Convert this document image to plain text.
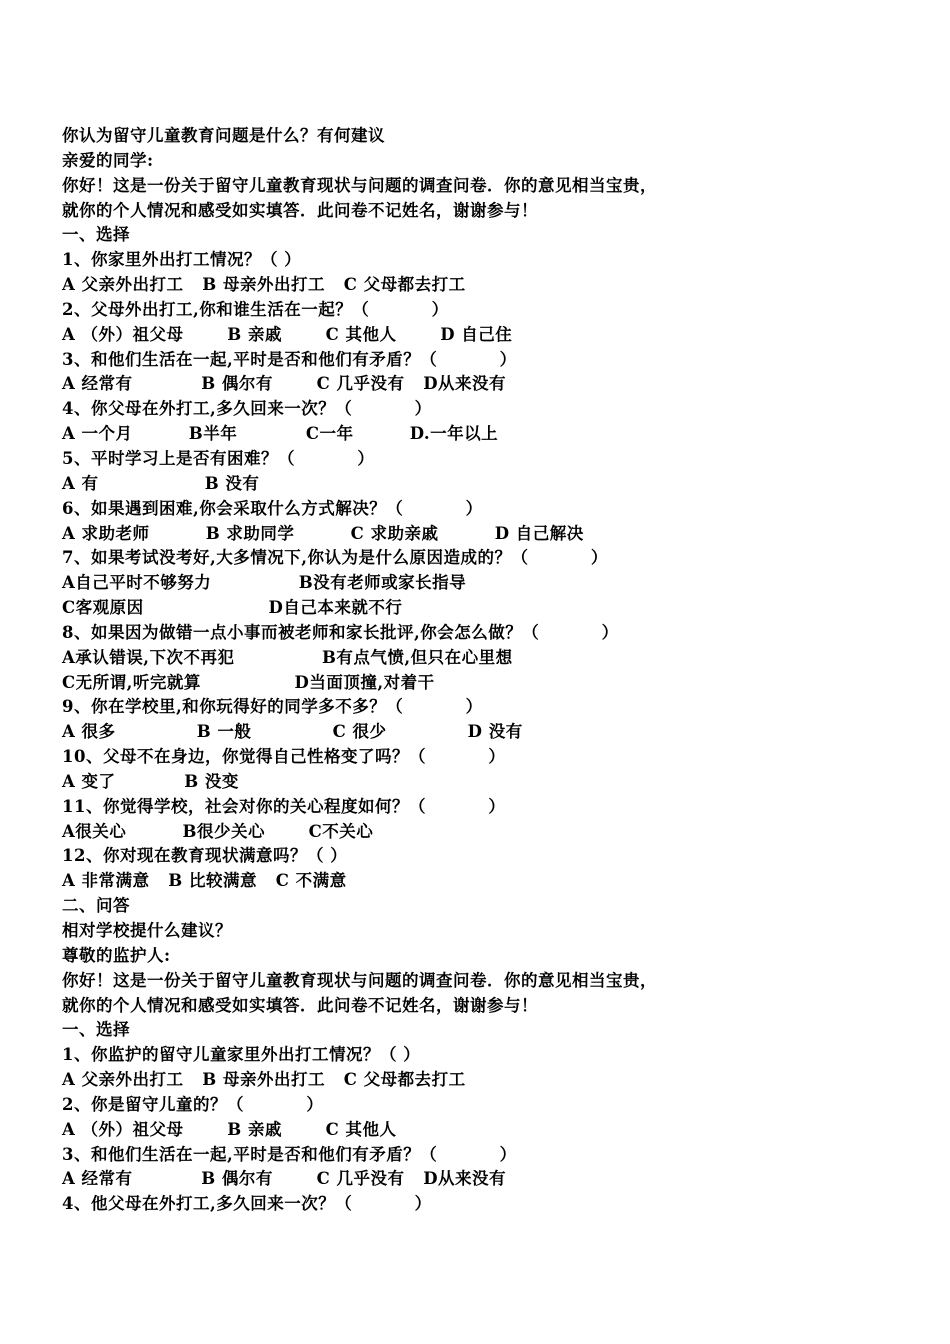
你认为留守儿童教育问题是什么？有何建议
亲爱的同学:
你好！这是一份关于留守儿童教育现状与问题的调查问卷．你的意见相当宝贵，
就你的个人情况和感受如实填答．此问卷不记姓名，谢谢参与！
一、选择
1、你家里外出打工情况？（ ）
A 父亲外出打工   B 母亲外出打工   C 父母都去打工
2、父母外出打工,你和谁生活在一起？（          ）
A （外）祖父母       B 亲戚       C 其他人       D 自己住
3、和他们生活在一起,平时是否和他们有矛盾？（          ）
A 经常有           B 偶尔有       C 几乎没有   D从来没有
4、你父母在外打工,多久回来一次？（          ）
A 一个月         B半年           C一年         D.一年以上
5、平时学习上是否有困难？（          ）
A 有                 B 没有
6、如果遇到困难,你会采取什么方式解决？（          ）
A 求助老师         B 求助同学         C 求助亲戚         D 自己解决
7、如果考试没考好,大多情况下,你认为是什么原因造成的？（          ）
A自己平时不够努力              B没有老师或家长指导
C客观原因                    D自己本来就不行
8、如果因为做错一点小事而被老师和家长批评,你会怎么做？（          ）
A承认错误,下次不再犯              B有点气愤,但只在心里想
C无所谓,听完就算               D当面顶撞,对着干
9、你在学校里,和你玩得好的同学多不多？（          ）
A 很多             B 一般             C 很少             D 没有
10、父母不在身边，你觉得自己性格变了吗？（          ）
A 变了           B 没变
11、你觉得学校，社会对你的关心程度如何？（          ）
A很关心         B很少关心       C不关心
12、你对现在教育现状满意吗？（ ）
A 非常满意   B 比较满意   C 不满意
二、问答
相对学校提什么建议？
尊敬的监护人:
你好！这是一份关于留守儿童教育现状与问题的调查问卷．你的意见相当宝贵，
就你的个人情况和感受如实填答．此问卷不记姓名，谢谢参与！
一、选择
1、你监护的留守儿童家里外出打工情况？（ ）
A 父亲外出打工   B 母亲外出打工   C 父母都去打工
2、你是留守儿童的？（          ）
A （外）祖父母       B 亲戚       C 其他人
3、和他们生活在一起,平时是否和他们有矛盾？（          ）
A 经常有           B 偶尔有       C 几乎没有   D从来没有
4、他父母在外打工,多久回来一次？（          ）
